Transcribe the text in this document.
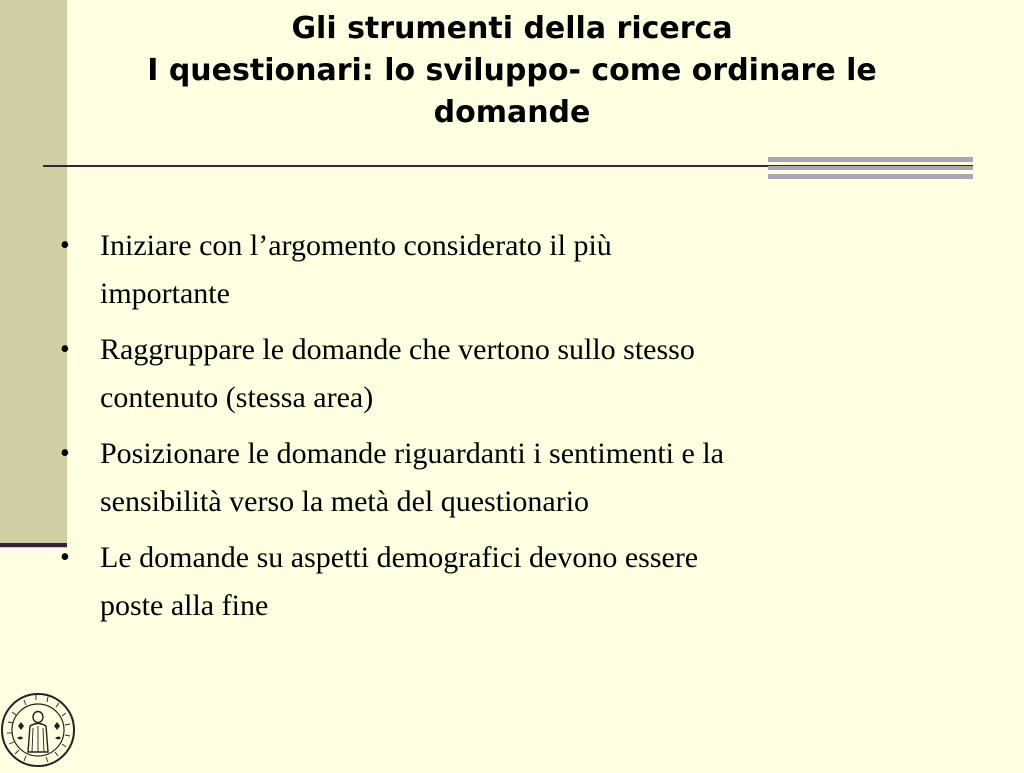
Gli strumenti della ricerca
I questionari: lo sviluppo- come ordinare le
domande
• Iniziare con l’argomento considerato il più
importante
• Raggruppare le domande che vertono sullo stesso
contenuto (stessa area)
• Posizionare le domande riguardanti i sentimenti e la
sensibilità verso la metà del questionario
• Le domande su aspetti demografici devono essere
poste alla fine
